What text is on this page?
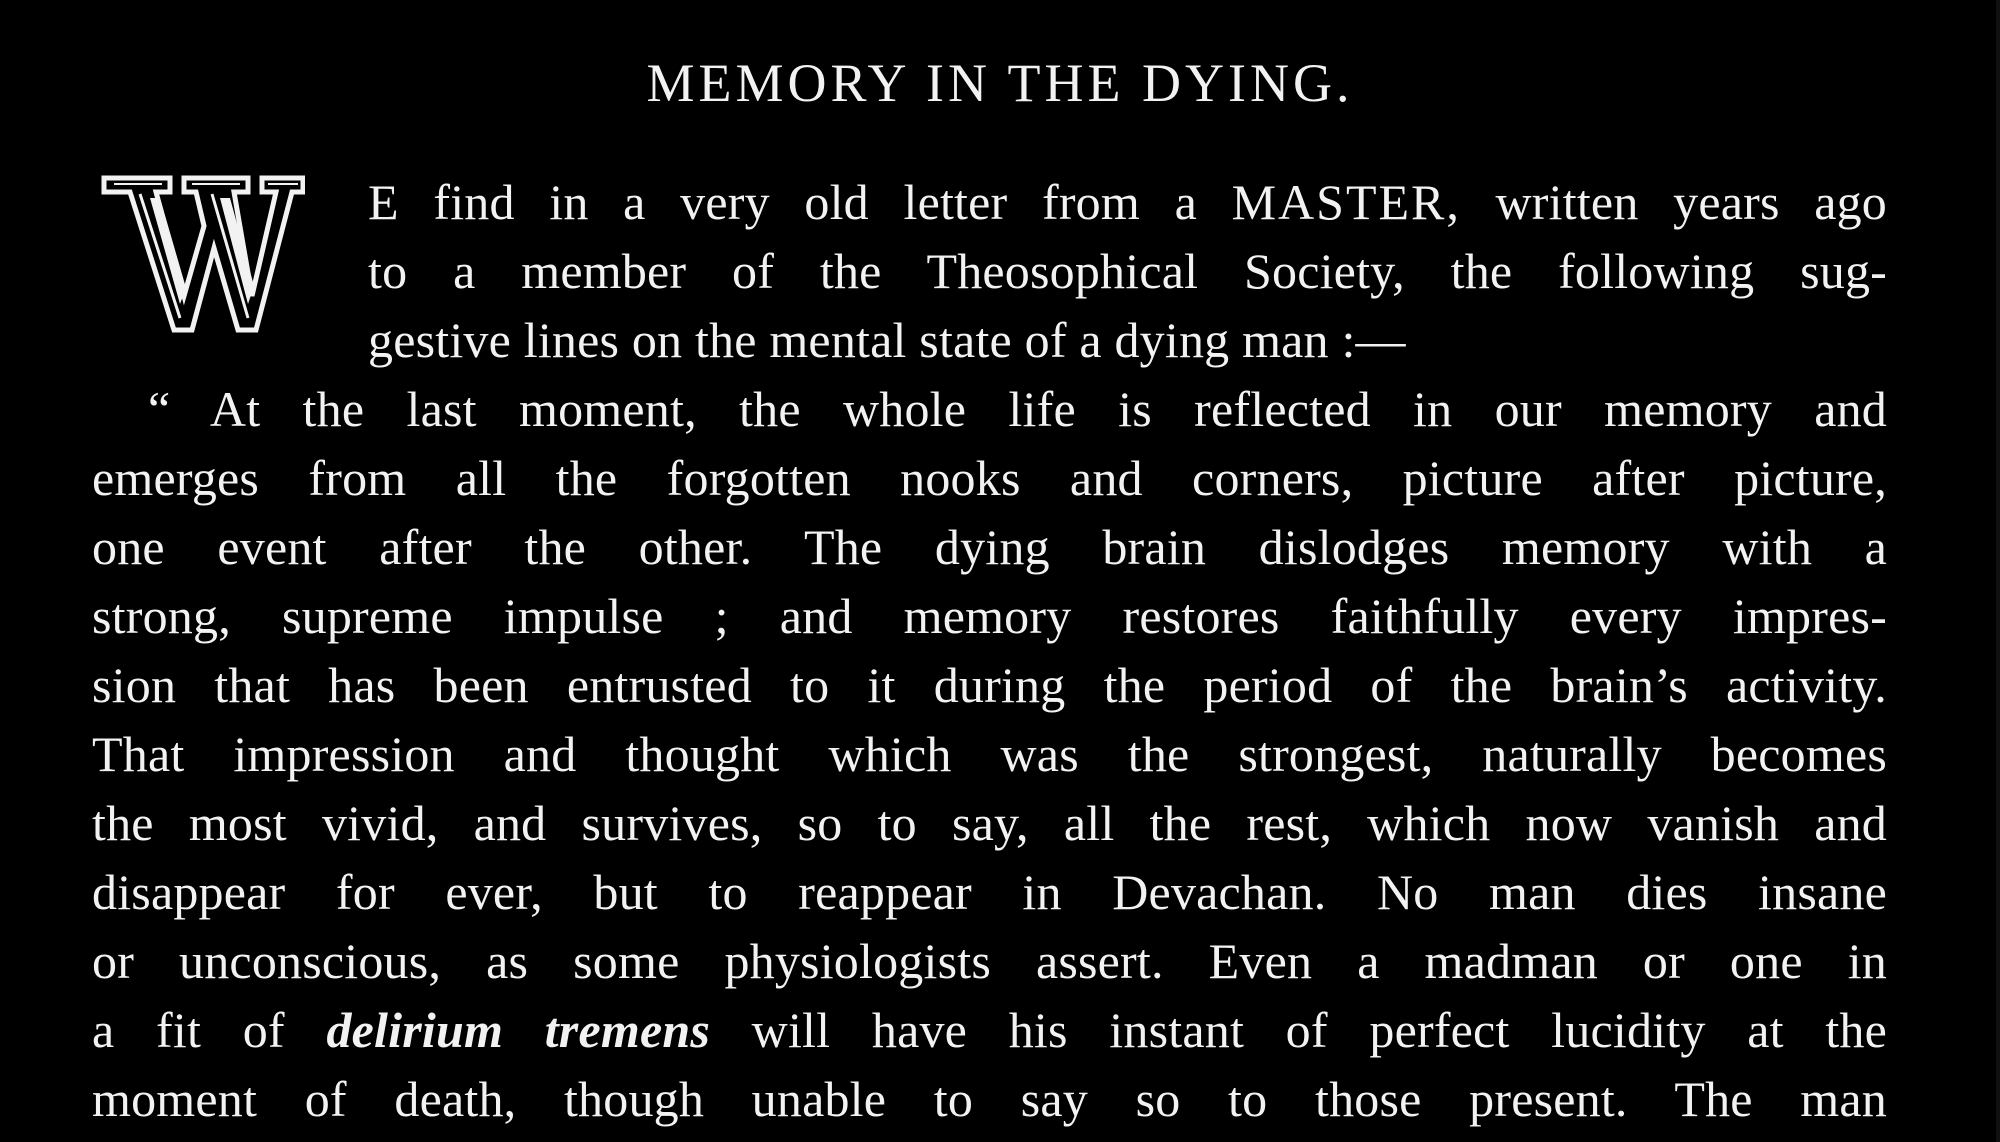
MEMORY IN THE DYING.
E find in a very old letter from a MASTER, written years ago
to a member of the Theosophical Society, the following sug-
gestive lines on the mental state of a dying man :—
“ At the last moment, the whole life is reflected in our memory and
emerges from all the forgotten nooks and corners, picture after picture,
one event after the other. The dying brain dislodges memory with a
strong, supreme impulse ; and memory restores faithfully every impres-
sion that has been entrusted to it during the period of the brain’s activity.
That impression and thought which was the strongest, naturally becomes
the most vivid, and survives, so to say, all the rest, which now vanish and
disappear for ever, but to reappear in Devachan. No man dies insane
or unconscious, as some physiologists assert. Even a madman or one in
a fit of delirium tremens will have his instant of perfect lucidity at the
moment of death, though unable to say so to those present. The man
